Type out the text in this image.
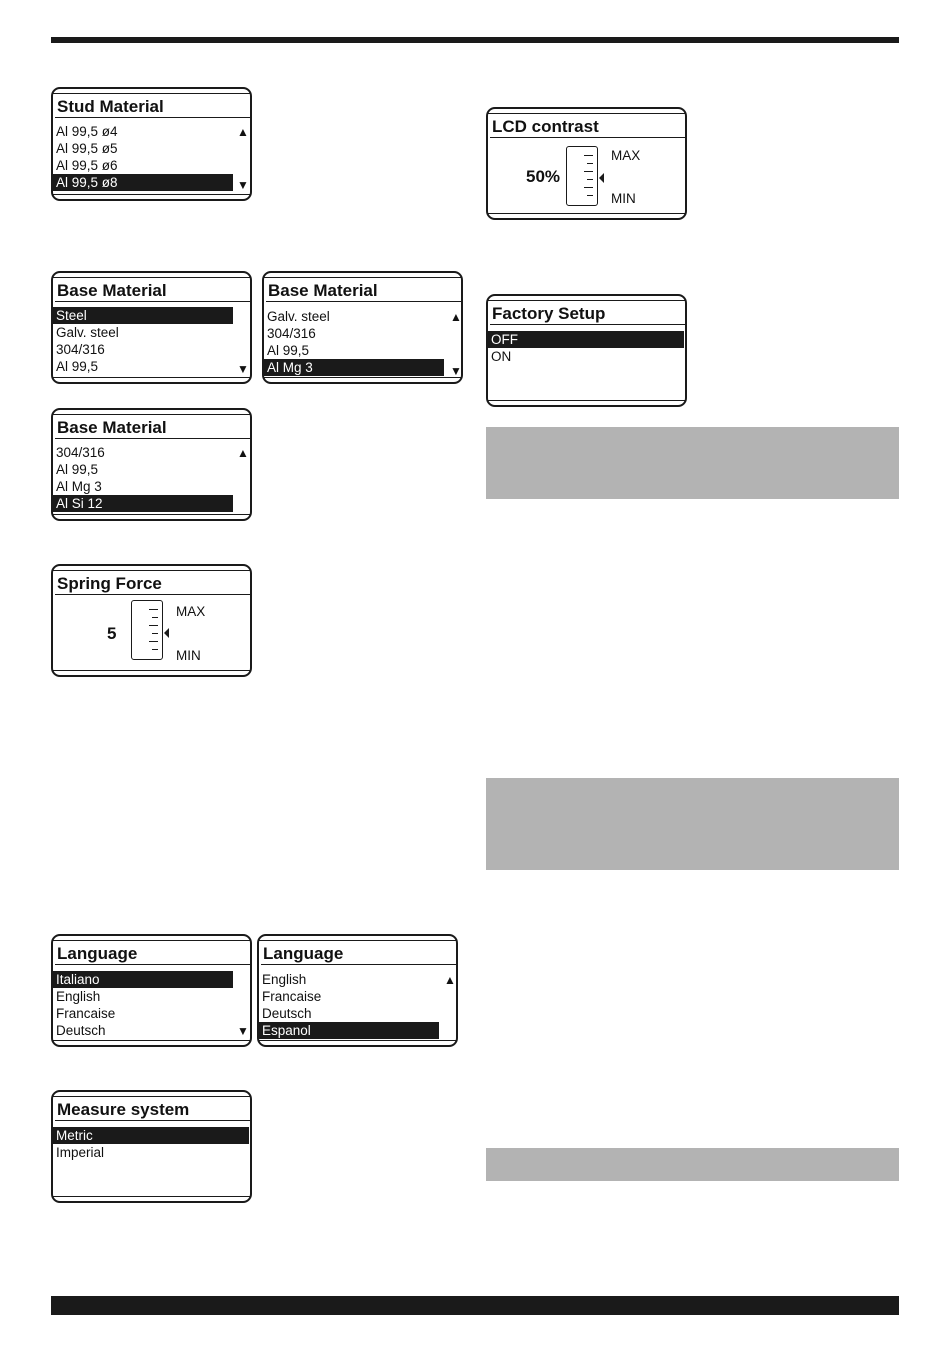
Stud Material
Al 99,5 ø4
Al 99,5 ø5
Al 99,5 ø6
Al 99,5 ø8
▲
▼
Base Material
Steel
Galv. steel
304/316
Al 99,5	▼
Base Material
Galv. steel
304/316
Al 99,5
Al Mg 3
▲
▼
Base Material
304/316
Al 99,5
Al Mg 3
Al Si 12
▲
Spring Force
5
MAX
MIN
Language
Italiano
English
Francaise
Deutsch	▼
Language
English
Francaise
Deutsch
Espanol
▲
Measure system
Metric
Imperial
LCD contrast
50%
MAX
MIN
Factory Setup
OFF
ON
